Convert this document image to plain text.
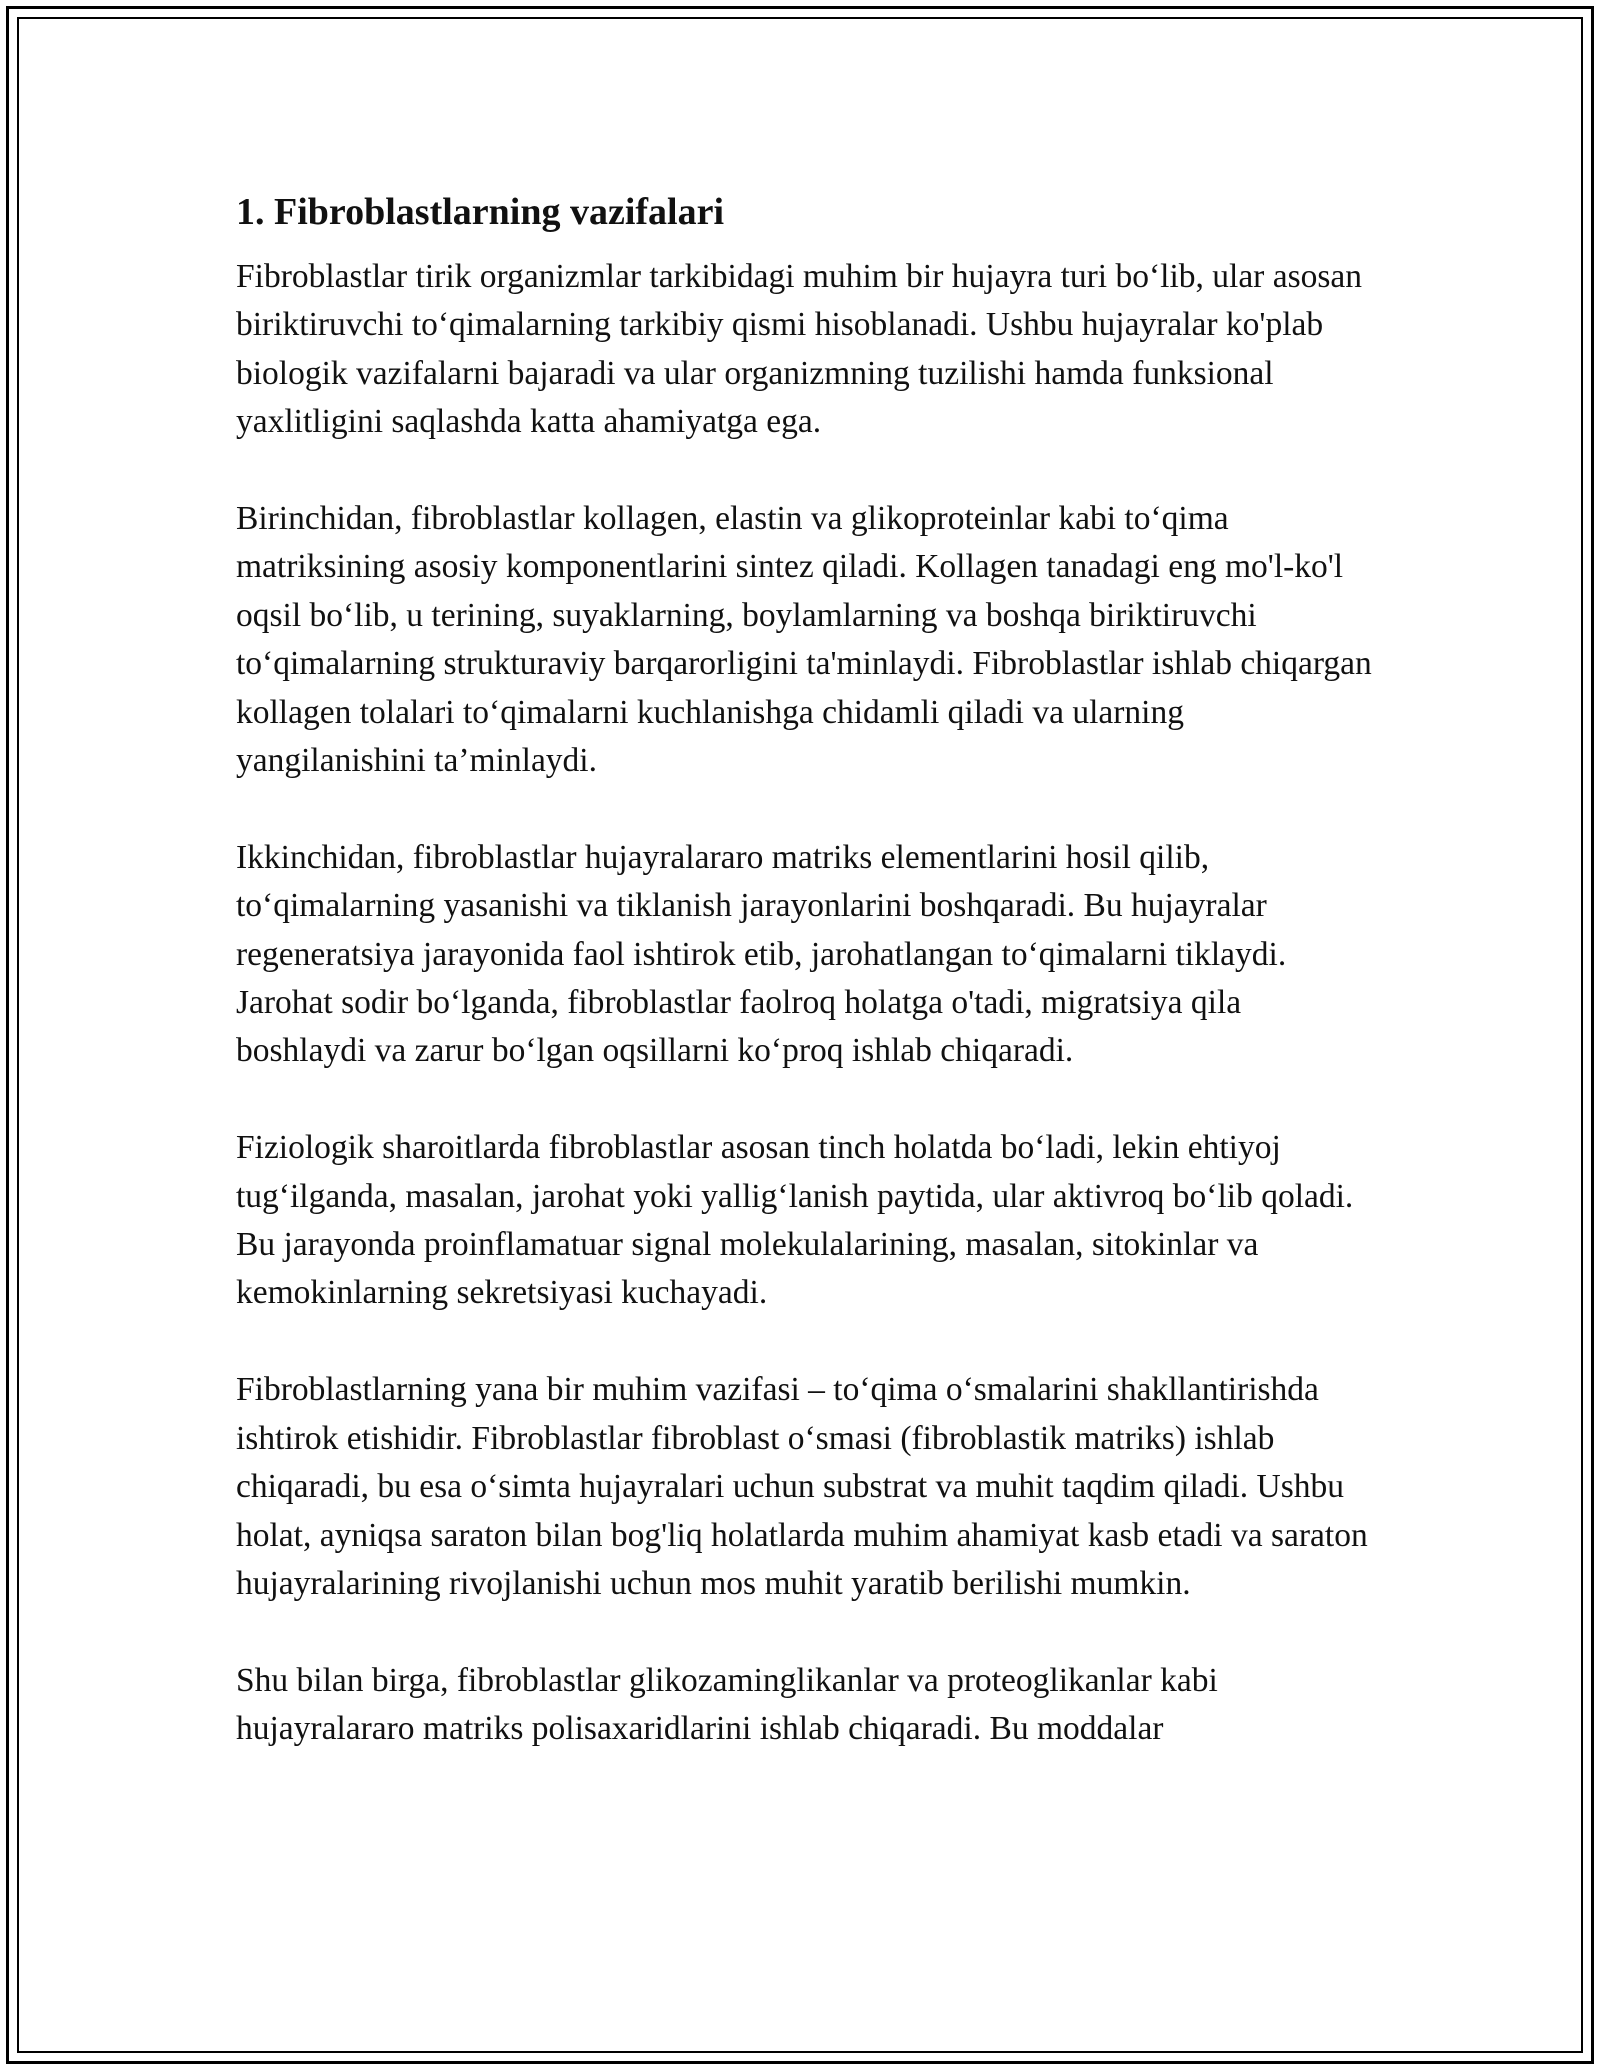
1. Fibroblastlarning vazifalari

Fibroblastlar tirik organizmlar tarkibidagi muhim bir hujayra turi bo‘lib, ular asosan biriktiruvchi to‘qimalarning tarkibiy qismi hisoblanadi. Ushbu hujayralar ko'plab biologik vazifalarni bajaradi va ular organizmning tuzilishi hamda funksional yaxlitligini saqlashda katta ahamiyatga ega.

Birinchidan, fibroblastlar kollagen, elastin va glikoproteinlar kabi to‘qima matriksining asosiy komponentlarini sintez qiladi. Kollagen tanadagi eng mo'l-ko'l oqsil bo‘lib, u terining, suyaklarning, boylamlarning va boshqa biriktiruvchi to‘qimalarning strukturaviy barqarorligini ta'minlaydi. Fibroblastlar ishlab chiqargan kollagen tolalari to‘qimalarni kuchlanishga chidamli qiladi va ularning yangilanishini ta’minlaydi.

Ikkinchidan, fibroblastlar hujayralararo matriks elementlarini hosil qilib, to‘qimalarning yasanishi va tiklanish jarayonlarini boshqaradi. Bu hujayralar regeneratsiya jarayonida faol ishtirok etib, jarohatlangan to‘qimalarni tiklaydi. Jarohat sodir bo‘lganda, fibroblastlar faolroq holatga o'tadi, migratsiya qila boshlaydi va zarur bo‘lgan oqsillarni ko‘proq ishlab chiqaradi.

Fiziologik sharoitlarda fibroblastlar asosan tinch holatda bo‘ladi, lekin ehtiyoj tug‘ilganda, masalan, jarohat yoki yallig‘lanish paytida, ular aktivroq bo‘lib qoladi. Bu jarayonda proinflamatuar signal molekulalarining, masalan, sitokinlar va kemokinlarning sekretsiyasi kuchayadi.

Fibroblastlarning yana bir muhim vazifasi – to‘qima o‘smalarini shakllantirishda ishtirok etishidir. Fibroblastlar fibroblast o‘smasi (fibroblastik matriks) ishlab chiqaradi, bu esa o‘simta hujayralari uchun substrat va muhit taqdim qiladi. Ushbu holat, ayniqsa saraton bilan bog'liq holatlarda muhim ahamiyat kasb etadi va saraton hujayralarining rivojlanishi uchun mos muhit yaratib berilishi mumkin.

Shu bilan birga, fibroblastlar glikozaminglikanlar va proteoglikanlar kabi hujayralararo matriks polisaxaridlarini ishlab chiqaradi. Bu moddalar
